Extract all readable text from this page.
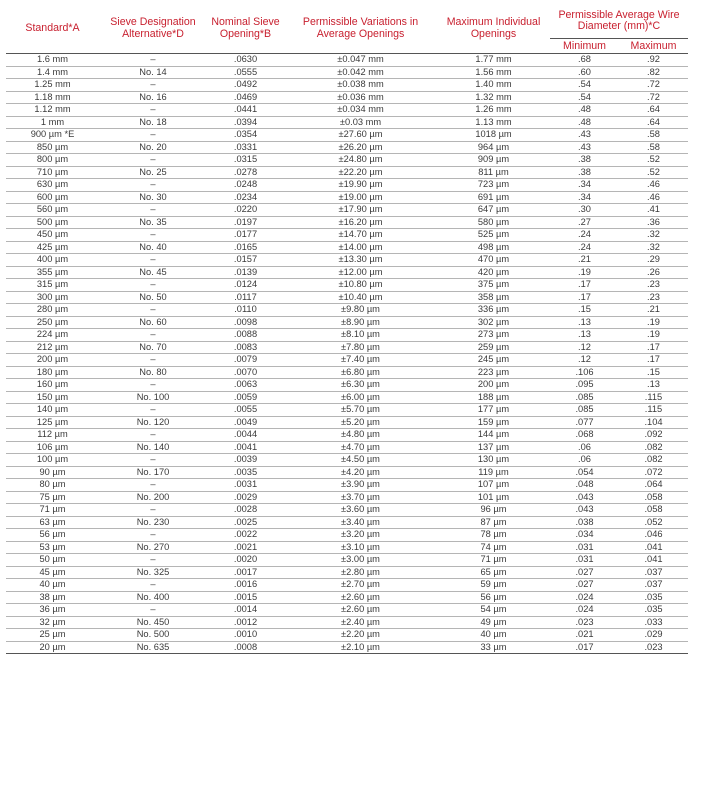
Standard*A	Sieve Designation Alternative*D	Nominal Sieve Opening*B	Permissible Variations in Average Openings	Maximum Individual Openings	Permissible Average Wire Diameter (mm)*C	
					Minimum	Maximum
1.6 mm	–	.0630	±0.047 mm	1.77 mm	.68	.92
1.4 mm	No. 14	.0555	±0.042 mm	1.56 mm	.60	.82
1.25 mm	–	.0492	±0.038 mm	1.40 mm	.54	.72
1.18 mm	No. 16	.0469	±0.036 mm	1.32 mm	.54	.72
1.12 mm	–	.0441	±0.034 mm	1.26 mm	.48	.64
1 mm	No. 18	.0394	±0.03 mm	1.13 mm	.48	.64
900 µm *E	–	.0354	±27.60 µm	1018 µm	.43	.58
850 µm	No. 20	.0331	±26.20 µm	964 µm	.43	.58
800 µm	–	.0315	±24.80 µm	909 µm	.38	.52
710 µm	No. 25	.0278	±22.20 µm	811 µm	.38	.52
630 µm	–	.0248	±19.90 µm	723 µm	.34	.46
600 µm	No. 30	.0234	±19.00 µm	691 µm	.34	.46
560 µm	–	.0220	±17.90 µm	647 µm	.30	.41
500 µm	No. 35	.0197	±16.20 µm	580 µm	.27	.36
450 µm	–	.0177	±14.70 µm	525 µm	.24	.32
425 µm	No. 40	.0165	±14.00 µm	498 µm	.24	.32
400 µm	–	.0157	±13.30 µm	470 µm	.21	.29
355 µm	No. 45	.0139	±12.00 µm	420 µm	.19	.26
315 µm	–	.0124	±10.80 µm	375 µm	.17	.23
300 µm	No. 50	.0117	±10.40 µm	358 µm	.17	.23
280 µm	–	.0110	±9.80 µm	336 µm	.15	.21
250 µm	No. 60	.0098	±8.90 µm	302 µm	.13	.19
224 µm	–	.0088	±8.10 µm	273 µm	.13	.19
212 µm	No. 70	.0083	±7.80 µm	259 µm	.12	.17
200 µm	–	.0079	±7.40 µm	245 µm	.12	.17
180 µm	No. 80	.0070	±6.80 µm	223 µm	.106	.15
160 µm	–	.0063	±6.30 µm	200 µm	.095	.13
150 µm	No. 100	.0059	±6.00 µm	188 µm	.085	.115
140 µm	–	.0055	±5.70 µm	177 µm	.085	.115
125 µm	No. 120	.0049	±5.20 µm	159 µm	.077	.104
112 µm	–	.0044	±4.80 µm	144 µm	.068	.092
106 µm	No. 140	.0041	±4.70 µm	137 µm	.06	.082
100 µm	–	.0039	±4.50 µm	130 µm	.06	.082
90 µm	No. 170	.0035	±4.20 µm	119 µm	.054	.072
80 µm	–	.0031	±3.90 µm	107 µm	.048	.064
75 µm	No. 200	.0029	±3.70 µm	101 µm	.043	.058
71 µm	–	.0028	±3.60 µm	96 µm	.043	.058
63 µm	No. 230	.0025	±3.40 µm	87 µm	.038	.052
56 µm	–	.0022	±3.20 µm	78 µm	.034	.046
53 µm	No. 270	.0021	±3.10 µm	74 µm	.031	.041
50 µm	–	.0020	±3.00 µm	71 µm	.031	.041
45 µm	No. 325	.0017	±2.80 µm	65 µm	.027	.037
40 µm	–	.0016	±2.70 µm	59 µm	.027	.037
38 µm	No. 400	.0015	±2.60 µm	56 µm	.024	.035
36 µm	–	.0014	±2.60 µm	54 µm	.024	.035
32 µm	No. 450	.0012	±2.40 µm	49 µm	.023	.033
25 µm	No. 500	.0010	±2.20 µm	40 µm	.021	.029
20 µm	No. 635	.0008	±2.10 µm	33 µm	.017	.023
